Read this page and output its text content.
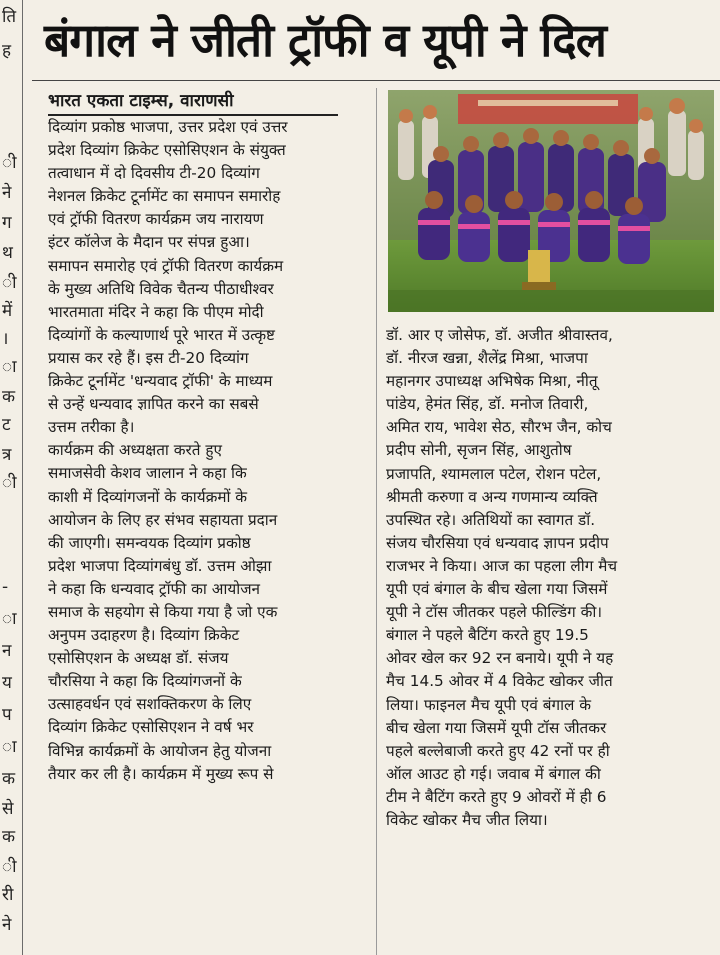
ति
ह
ी
ने
ग
थ
ी
में
।
ा
क
ट
त्र
ी
-
ा
न
य
प
ा
क
से
क
ी
री
ने
बंगाल ने जीती ट्रॉफी व यूपी ने दिल
भारत एकता टाइम्स, वाराणसी
दिव्यांग प्रकोष्ठ भाजपा, उत्तर प्रदेश एवं उत्तर
प्रदेश दिव्यांग क्रिकेट एसोसिएशन के संयुक्त
तत्वाधान में दो दिवसीय टी-20 दिव्यांग
नेशनल क्रिकेट टूर्नामेंट का समापन समारोह
एवं ट्रॉफी वितरण कार्यक्रम जय नारायण
इंटर कॉलेज के मैदान पर संपन्न हुआ।
समापन समारोह एवं ट्रॉफी वितरण कार्यक्रम
के मुख्य अतिथि विवेक चैतन्य पीठाधीश्वर
भारतमाता मंदिर ने कहा कि पीएम मोदी
दिव्यांगों के कल्याणार्थ पूरे भारत में उत्कृष्ट
प्रयास कर रहे हैं। इस टी-20 दिव्यांग
क्रिकेट टूर्नामेंट 'धन्यवाद ट्रॉफी' के माध्यम
से उन्हें धन्यवाद ज्ञापित करने का सबसे
उत्तम तरीका है।
कार्यक्रम की अध्यक्षता करते हुए
समाजसेवी केशव जालान ने कहा कि
काशी में दिव्यांगजनों के कार्यक्रमों के
आयोजन के लिए हर संभव सहायता प्रदान
की जाएगी। समन्वयक दिव्यांग प्रकोष्ठ
प्रदेश भाजपा दिव्यांगबंधु डॉ. उत्तम ओझा
ने कहा कि धन्यवाद ट्रॉफी का आयोजन
समाज के सहयोग से किया गया है जो एक
अनुपम उदाहरण है। दिव्यांग क्रिकेट
एसोसिएशन के अध्यक्ष डॉ. संजय
चौरसिया ने कहा कि दिव्यांगजनों के
उत्साहवर्धन एवं सशक्तिकरण के लिए
दिव्यांग क्रिकेट एसोसिएशन ने वर्ष भर
विभिन्न कार्यक्रमों के आयोजन हेतु योजना
तैयार कर ली है। कार्यक्रम में मुख्य रूप से
डॉ. आर ए जोसेफ, डॉ. अजीत श्रीवास्तव,
डॉ. नीरज खन्ना, शैलेंद्र मिश्रा, भाजपा
महानगर उपाध्यक्ष अभिषेक मिश्रा, नीतू
पांडेय, हेमंत सिंह, डॉ. मनोज तिवारी,
अमित राय, भावेश सेठ, सौरभ जैन, कोच
प्रदीप सोनी, सृजन सिंह, आशुतोष
प्रजापति, श्यामलाल पटेल, रोशन पटेल,
श्रीमती करुणा व अन्य गणमान्य व्यक्ति
उपस्थित रहे। अतिथियों का स्वागत डॉ.
संजय चौरसिया एवं धन्यवाद ज्ञापन प्रदीप
राजभर ने किया। आज का पहला लीग मैच
यूपी एवं बंगाल के बीच खेला गया जिसमें
यूपी ने टॉस जीतकर पहले फील्डिंग की।
बंगाल ने पहले बैटिंग करते हुए 19.5
ओवर खेल कर 92 रन बनाये। यूपी ने यह
मैच 14.5 ओवर में 4 विकेट खोकर जीत
लिया। फाइनल मैच यूपी एवं बंगाल के
बीच खेला गया जिसमें यूपी टॉस जीतकर
पहले बल्लेबाजी करते हुए 42 रनों पर ही
ऑल आउट हो गई। जवाब में बंगाल की
टीम ने बैटिंग करते हुए 9 ओवरों में ही 6
विकेट खोकर मैच जीत लिया।
